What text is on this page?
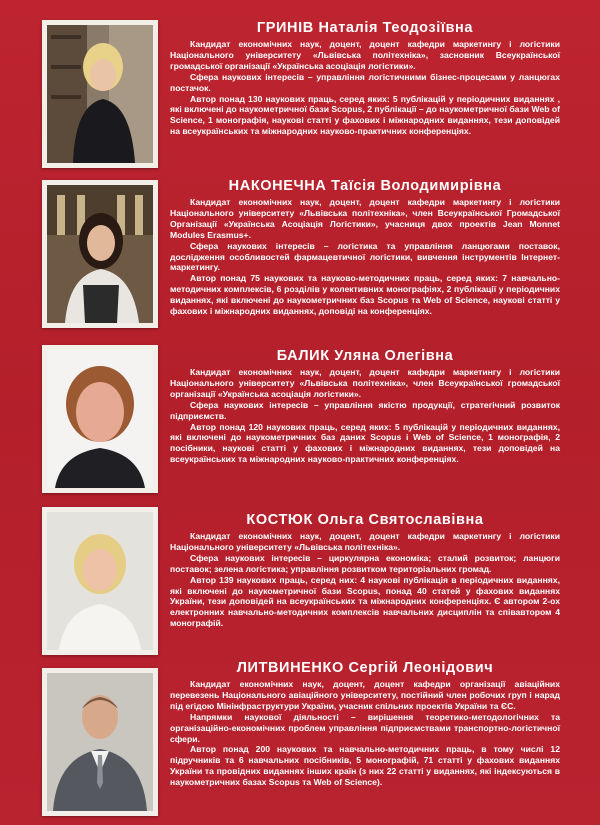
ГРИНІВ Наталія Теодозіївна

Кандидат економічних наук, доцент, доцент кафедри маркетингу і логістики Національного університету «Львівська політехніка», засновник Всеукраїнської громадської організації «Українська асоціація логістики».

Сфера наукових інтересів – управління логістичними бізнес-процесами у ланцюгах постачок.

Автор понад 130 наукових праць, серед яких: 5 публікацій у періодичних виданнях , які включені до наукометричної бази Scopus, 2 публікації – до наукометричної бази Web of Science, 1 монографія, наукові статті у фахових і міжнародних виданнях, тези доповідей на всеукраїнських та міжнародних науково-практичних конференціях.

НАКОНЕЧНА Таїсія Володимирівна

Кандидат економічних наук, доцент, доцент кафедри маркетингу і логістики Національного університету «Львівська політехніка», член Всеукраїнської Громадської Організації «Українська Асоціація Логістики», учасниця двох проектів Jean Monnet Modules Erasmus+.

Сфера наукових інтересів – логістика та управління ланцюгами поставок, дослідження особливостей фармацевтичної логістики, вивчення інструментів Інтернет-маркетингу.

Автор понад 75 наукових та науково-методичних праць, серед яких: 7 навчально-методичних комплексів, 6 розділів у колективних монографіях, 2 публікації у періодичних виданнях, які включені до наукометричних баз Scopus та Web of Science, наукові статті у фахових і міжнародних виданнях, доповіді на конференціях.

БАЛИК Уляна Олегівна

Кандидат економічних наук, доцент, доцент кафедри маркетингу і логістики Національного університету «Львівська політехніка», член Всеукраїнської громадської організації «Українська асоціація логістики».

Сфера наукових інтересів – управління якістю продукції, стратегічний розвиток підприємств.

Автор понад 120 наукових праць, серед яких: 5 публікацій у періодичних виданнях, які включені до наукометричних баз даних Scopus і Web of Science, 1 монографія, 2 посібники, наукові статті у фахових і міжнародних виданнях, тези доповідей на всеукраїнських та міжнародних науково-практичних конференціях.

КОСТЮК Ольга Святославівна

Кандидат економічних наук, доцент, доцент кафедри маркетингу і логістики Національного університету «Львівська політехніка».

Сфера наукових інтересів – циркулярна економіка; сталий розвиток; ланцюги поставок; зелена логістика; управління розвитком територіальних громад.

Автор 139 наукових праць, серед них: 4 наукові публікація в періодичних виданнях, які включені до наукометричної бази Scopus, понад 40 статей у фахових виданнях України, тези доповідей на всеукраїнських та міжнародних конференціях. Є автором 2-ох електронних навчально-методичних комплексів навчальних дисциплін та співавтором 4 монографій.

ЛИТВИНЕНКО Сергій Леонідович

Кандидат економічних наук, доцент, доцент кафедри організації авіаційних перевезень Національного авіаційного університету, постійний член робочих груп і нарад під егідою Мінінфраструктури України, учасник спільних проектів України та ЄС.

Напрямки наукової діяльності – вирішення теоретико-методологічних та організаційно-економічних проблем управління підприємствами транспортно-логістичної сфери.

Автор понад 200 наукових та навчально-методичних праць, в тому числі 12 підручників та 6 навчальних посібників, 5 монографій, 71 статті у фахових виданнях України та провідних виданнях інших країн (з них 22 статті у виданнях, які індексуються в наукометричних базах Scopus та Web of Science).
